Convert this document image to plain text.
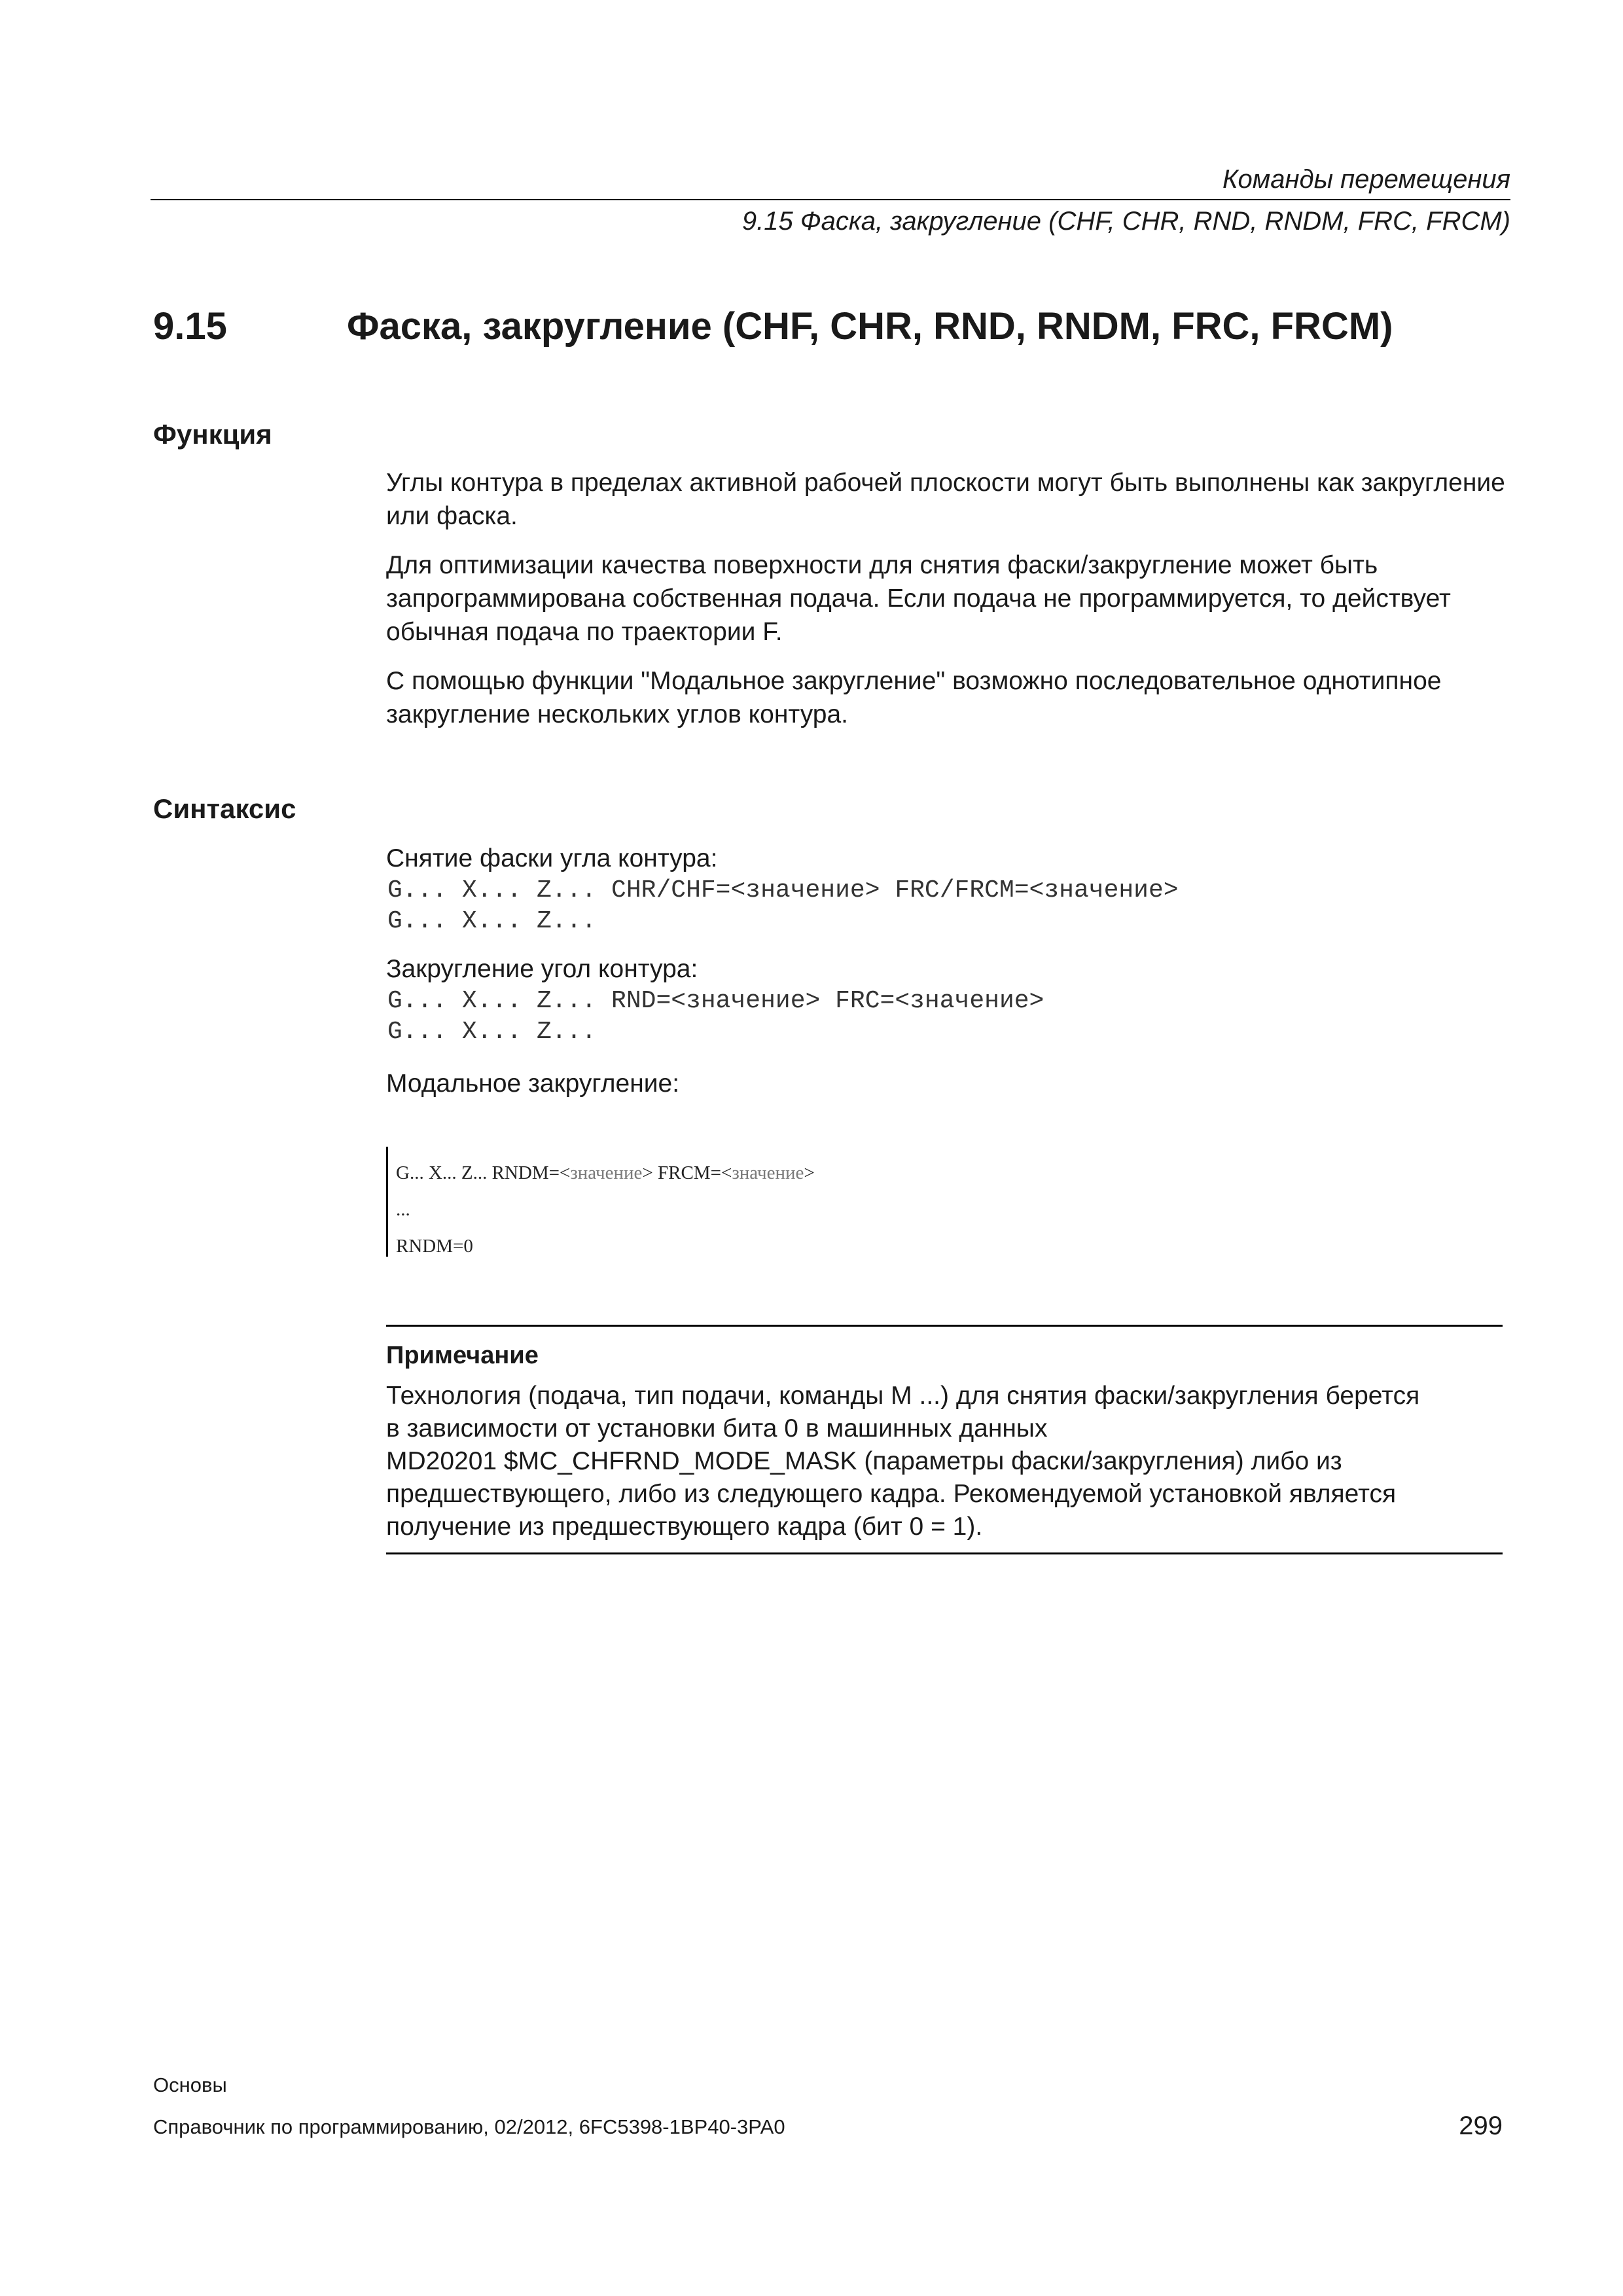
Команды перемещения
9.15 Фаска, закругление (CHF, CHR, RND, RNDM, FRC, FRCM)
9.15	Фаска, закругление (CHF, CHR, RND, RNDM, FRC, FRCM)
Функция

Углы контура в пределах активной рабочей плоскости могут быть выполнены как закругление или фаска.

Для оптимизации качества поверхности для снятия фаски/закругление может быть запрограммирована собственная подача. Если подача не программируется, то действует обычная подача по траектории F.

С помощью функции "Модальное закругление" возможно последовательное однотипное закругление нескольких углов контура.

Синтаксис
Снятие фаски угла контура:
G... X... Z... CHR/CHF=<значение> FRC/FRCM=<значение>
G... X... Z...
Закругление угол контура:
G... X... Z... RND=<значение> FRC=<значение>
G... X... Z...
Модальное закругление:
G... X... Z... RNDM=<значение> FRCM=<значение>
...
RNDM=0
Примечание

Технология (подача, тип подачи, команды M ...) для снятия фаски/закругления берется

в зависимости от установки бита 0 в машинных данных

MD20201 $MC_CHFRND_MODE_MASK (параметры фаски/закругления) либо из

предшествующего, либо из следующего кадра. Рекомендуемой установкой является

получение из предшествующего кадра (бит 0 = 1).

Основы
Справочник по программированию, 02/2012, 6FC5398-1BP40-3PA0	299
